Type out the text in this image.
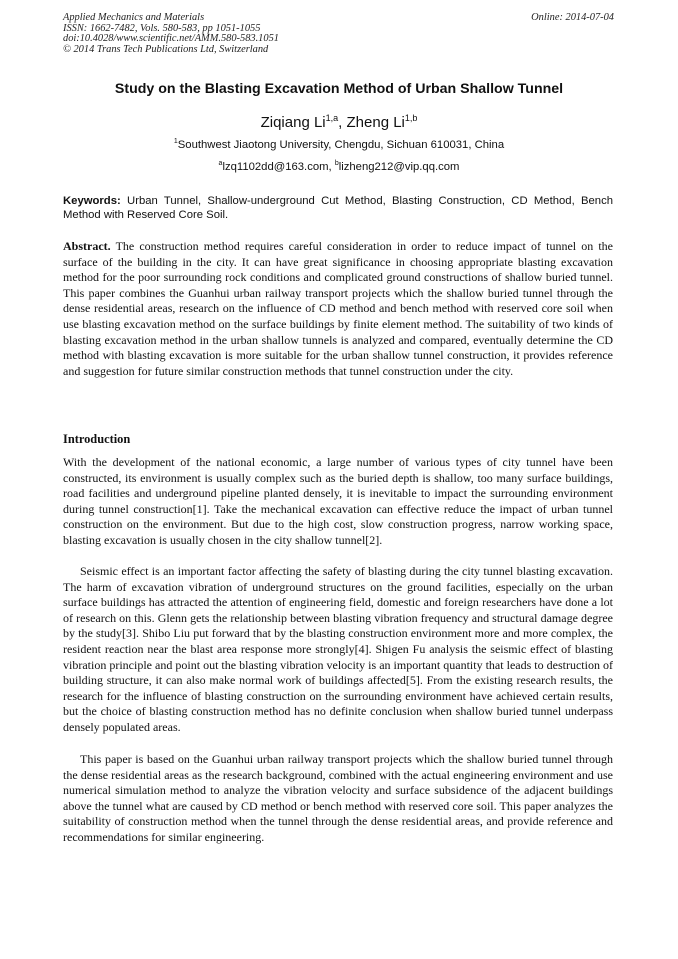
Applied Mechanics and Materials
ISSN: 1662-7482, Vols. 580-583, pp 1051-1055
doi:10.4028/www.scientific.net/AMM.580-583.1051
© 2014 Trans Tech Publications Ltd, Switzerland
Online: 2014-07-04
Study on the Blasting Excavation Method of Urban Shallow Tunnel
Ziqiang Li$^{1,a}$, Zheng Li$^{1,b}$
$^1$Southwest Jiaotong University, Chengdu, Sichuan 610031, China
$^a$lzq1102dd@163.com, $^b$lizheng212@vip.qq.com
Keywords: Urban Tunnel, Shallow-underground Cut Method, Blasting Construction, CD Method, Bench Method with Reserved Core Soil.
Abstract. The construction method requires careful consideration in order to reduce impact of tunnel on the surface of the building in the city. It can have great significance in choosing appropriate blasting excavation method for the poor surrounding rock conditions and complicated ground constructions of shallow buried tunnel. This paper combines the Guanhui urban railway transport projects which the shallow buried tunnel through the dense residential areas, research on the influence of CD method and bench method with reserved core soil when use blasting excavation method on the surface buildings by finite element method. The suitability of two kinds of blasting excavation method in the urban shallow tunnels is analyzed and compared, eventually determine the CD method with blasting excavation is more suitable for the urban shallow tunnel construction, it provides reference and suggestion for future similar construction methods that tunnel construction under the city.
Introduction
With the development of the national economic, a large number of various types of city tunnel have been constructed, its environment is usually complex such as the buried depth is shallow, too many surface buildings, road facilities and underground pipeline planted densely, it is inevitable to impact the surrounding environment during tunnel construction[1]. Take the mechanical excavation can effective reduce the impact of urban tunnel construction on the environment. But due to the high cost, slow construction progress, narrow working space, blasting excavation is usually chosen in the city shallow tunnel[2].
Seismic effect is an important factor affecting the safety of blasting during the city tunnel blasting excavation. The harm of excavation vibration of underground structures on the ground facilities, especially on the urban surface buildings has attracted the attention of engineering field, domestic and foreign researchers have done a lot of research on this. Glenn gets the relationship between blasting vibration frequency and structural damage degree by the study[3]. Shibo Liu put forward that by the blasting construction environment more and more complex, the resident reaction near the blast area response more strongly[4]. Shigen Fu analysis the seismic effect of blasting vibration principle and point out the blasting vibration velocity is an important quantity that leads to destruction of building structure, it can also make normal work of buildings affected[5]. From the existing research results, the research for the influence of blasting construction on the surrounding environment have achieved certain results, but the choice of blasting construction method has no definite conclusion when shallow buried tunnel underpass densely populated areas.
This paper is based on the Guanhui urban railway transport projects which the shallow buried tunnel through the dense residential areas as the research background, combined with the actual engineering environment and use numerical simulation method to analyze the vibration velocity and surface subsidence of the adjacent buildings above the tunnel what are caused by CD method or bench method with reserved core soil. This paper analyzes the suitability of construction method when the tunnel through the dense residential areas, and provide reference and recommendations for similar engineering.
